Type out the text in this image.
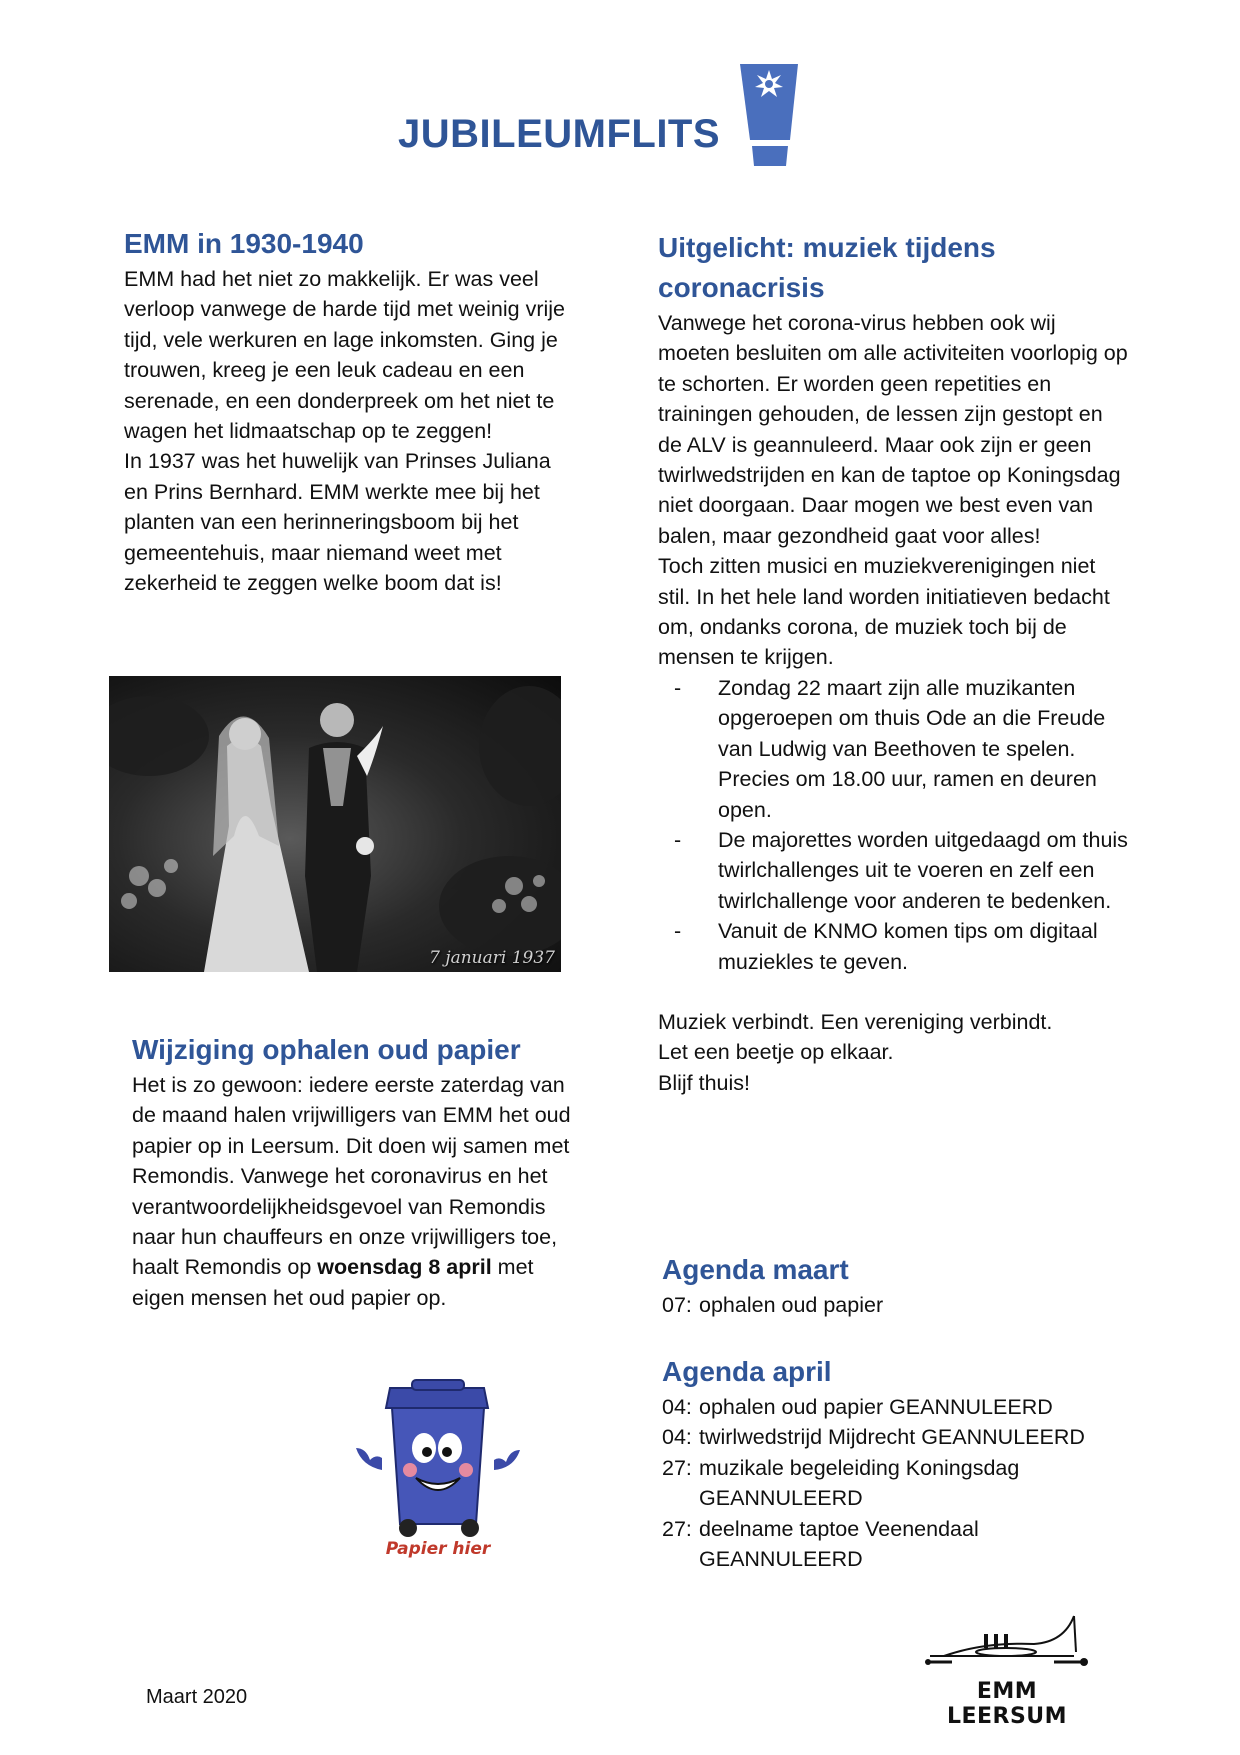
JUBILEUMFLITS
EMM in 1930-1940

EMM had het niet zo makkelijk. Er was veel verloop vanwege de harde tijd met weinig vrije tijd, vele werkuren en lage inkomsten. Ging je trouwen, kreeg je een leuk cadeau en een serenade, en een donderpreek om het niet te wagen het lidmaatschap op te zeggen!

In 1937 was het huwelijk van Prinses Juliana en Prins Bernhard. EMM werkte mee bij het planten van een herinneringsboom bij het gemeentehuis, maar niemand weet met zekerheid te zeggen welke boom dat is!

7 januari 1937
Wijziging ophalen oud papier

Het is zo gewoon: iedere eerste zaterdag van de maand halen vrijwilligers van EMM het oud papier op in Leersum. Dit doen wij samen met Remondis. Vanwege het coronavirus en het verantwoordelijkheidsgevoel van Remondis naar hun chauffeurs en onze vrijwilligers toe, haalt Remondis op woensdag 8 april met eigen mensen het oud papier op.

Papier hier
Uitgelicht: muziek tijdens coronacrisis

Vanwege het corona-virus hebben ook wij moeten besluiten om alle activiteiten voorlopig op te schorten. Er worden geen repetities en trainingen gehouden, de lessen zijn gestopt en de ALV is geannuleerd. Maar ook zijn er geen twirlwedstrijden en kan de taptoe op Koningsdag niet doorgaan. Daar mogen we best even van balen, maar gezondheid gaat voor alles!

Toch zitten musici en muziekverenigingen niet stil. In het hele land worden initiatieven bedacht om, ondanks corona, de muziek toch bij de mensen te krijgen.

- Zondag 22 maart zijn alle muzikanten opgeroepen om thuis Ode an die Freude van Ludwig van Beethoven te spelen. Precies om 18.00 uur, ramen en deuren open.
- De majorettes worden uitgedaagd om thuis twirlchallenges uit te voeren en zelf een twirlchallenge voor anderen te bedenken.
- Vanuit de KNMO komen tips om digitaal muziekles te geven.

Muziek verbindt. Een vereniging verbindt.

Let een beetje op elkaar.

Blijf thuis!

Agenda maart
07: ophalen oud papier
Agenda april
04: ophalen oud papier GEANNULEERD
04: twirlwedstrijd Mijdrecht GEANNULEERD
27: muzikale begeleiding Koningsdag GEANNULEERD
27: deelname taptoe Veenendaal GEANNULEERD
Maart 2020	EMM LEERSUM
